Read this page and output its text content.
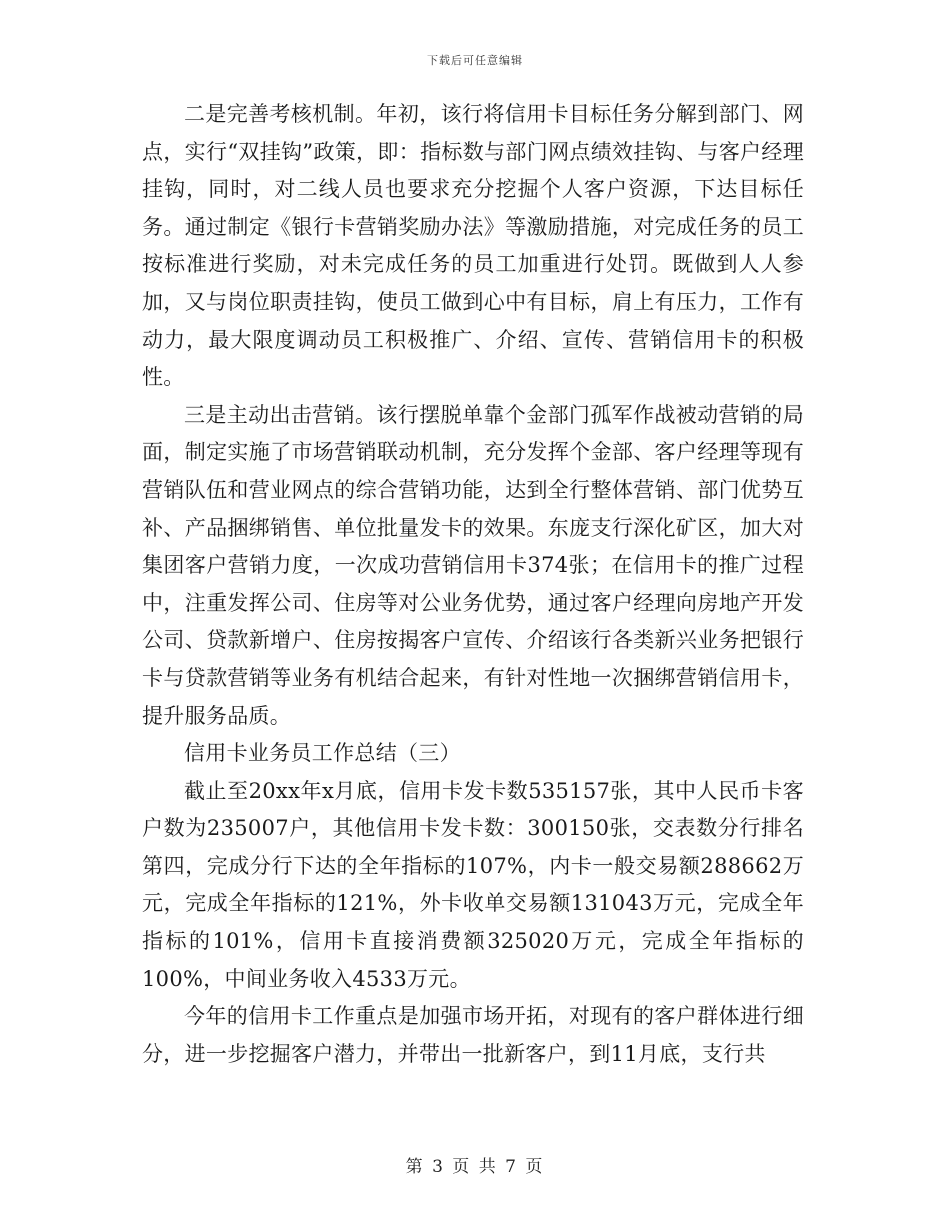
下载后可任意编辑

二是完善考核机制。年初，该行将信用卡目标任务分解到部门、网点，实行“双挂钩”政策，即：指标数与部门网点绩效挂钩、与客户经理挂钩，同时，对二线人员也要求充分挖掘个人客户资源，下达目标任务。通过制定《银行卡营销奖励办法》等激励措施，对完成任务的员工按标准进行奖励，对未完成任务的员工加重进行处罚。既做到人人参加，又与岗位职责挂钩，使员工做到心中有目标，肩上有压力，工作有动力，最大限度调动员工积极推广、介绍、宣传、营销信用卡的积极性。

三是主动出击营销。该行摆脱单靠个金部门孤军作战被动营销的局面，制定实施了市场营销联动机制，充分发挥个金部、客户经理等现有营销队伍和营业网点的综合营销功能，达到全行整体营销、部门优势互补、产品捆绑销售、单位批量发卡的效果。东庞支行深化矿区，加大对集团客户营销力度，一次成功营销信用卡374张；在信用卡的推广过程中，注重发挥公司、住房等对公业务优势，通过客户经理向房地产开发公司、贷款新增户、住房按揭客户宣传、介绍该行各类新兴业务把银行卡与贷款营销等业务有机结合起来，有针对性地一次捆绑营销信用卡，提升服务品质。

信用卡业务员工作总结（三）

截止至20xx年x月底，信用卡发卡数535157张，其中人民币卡客户数为235007户，其他信用卡发卡数：300150张，交表数分行排名第四，完成分行下达的全年指标的107%，内卡一般交易额288662万元，完成全年指标的121%，外卡收单交易额131043万元，完成全年指标的101%，信用卡直接消费额325020万元，完成全年指标的100%，中间业务收入4533万元。

今年的信用卡工作重点是加强市场开拓，对现有的客户群体进行细分，进一步挖掘客户潜力，并带出一批新客户，到11月底，支行共

第 3 页 共 7 页
